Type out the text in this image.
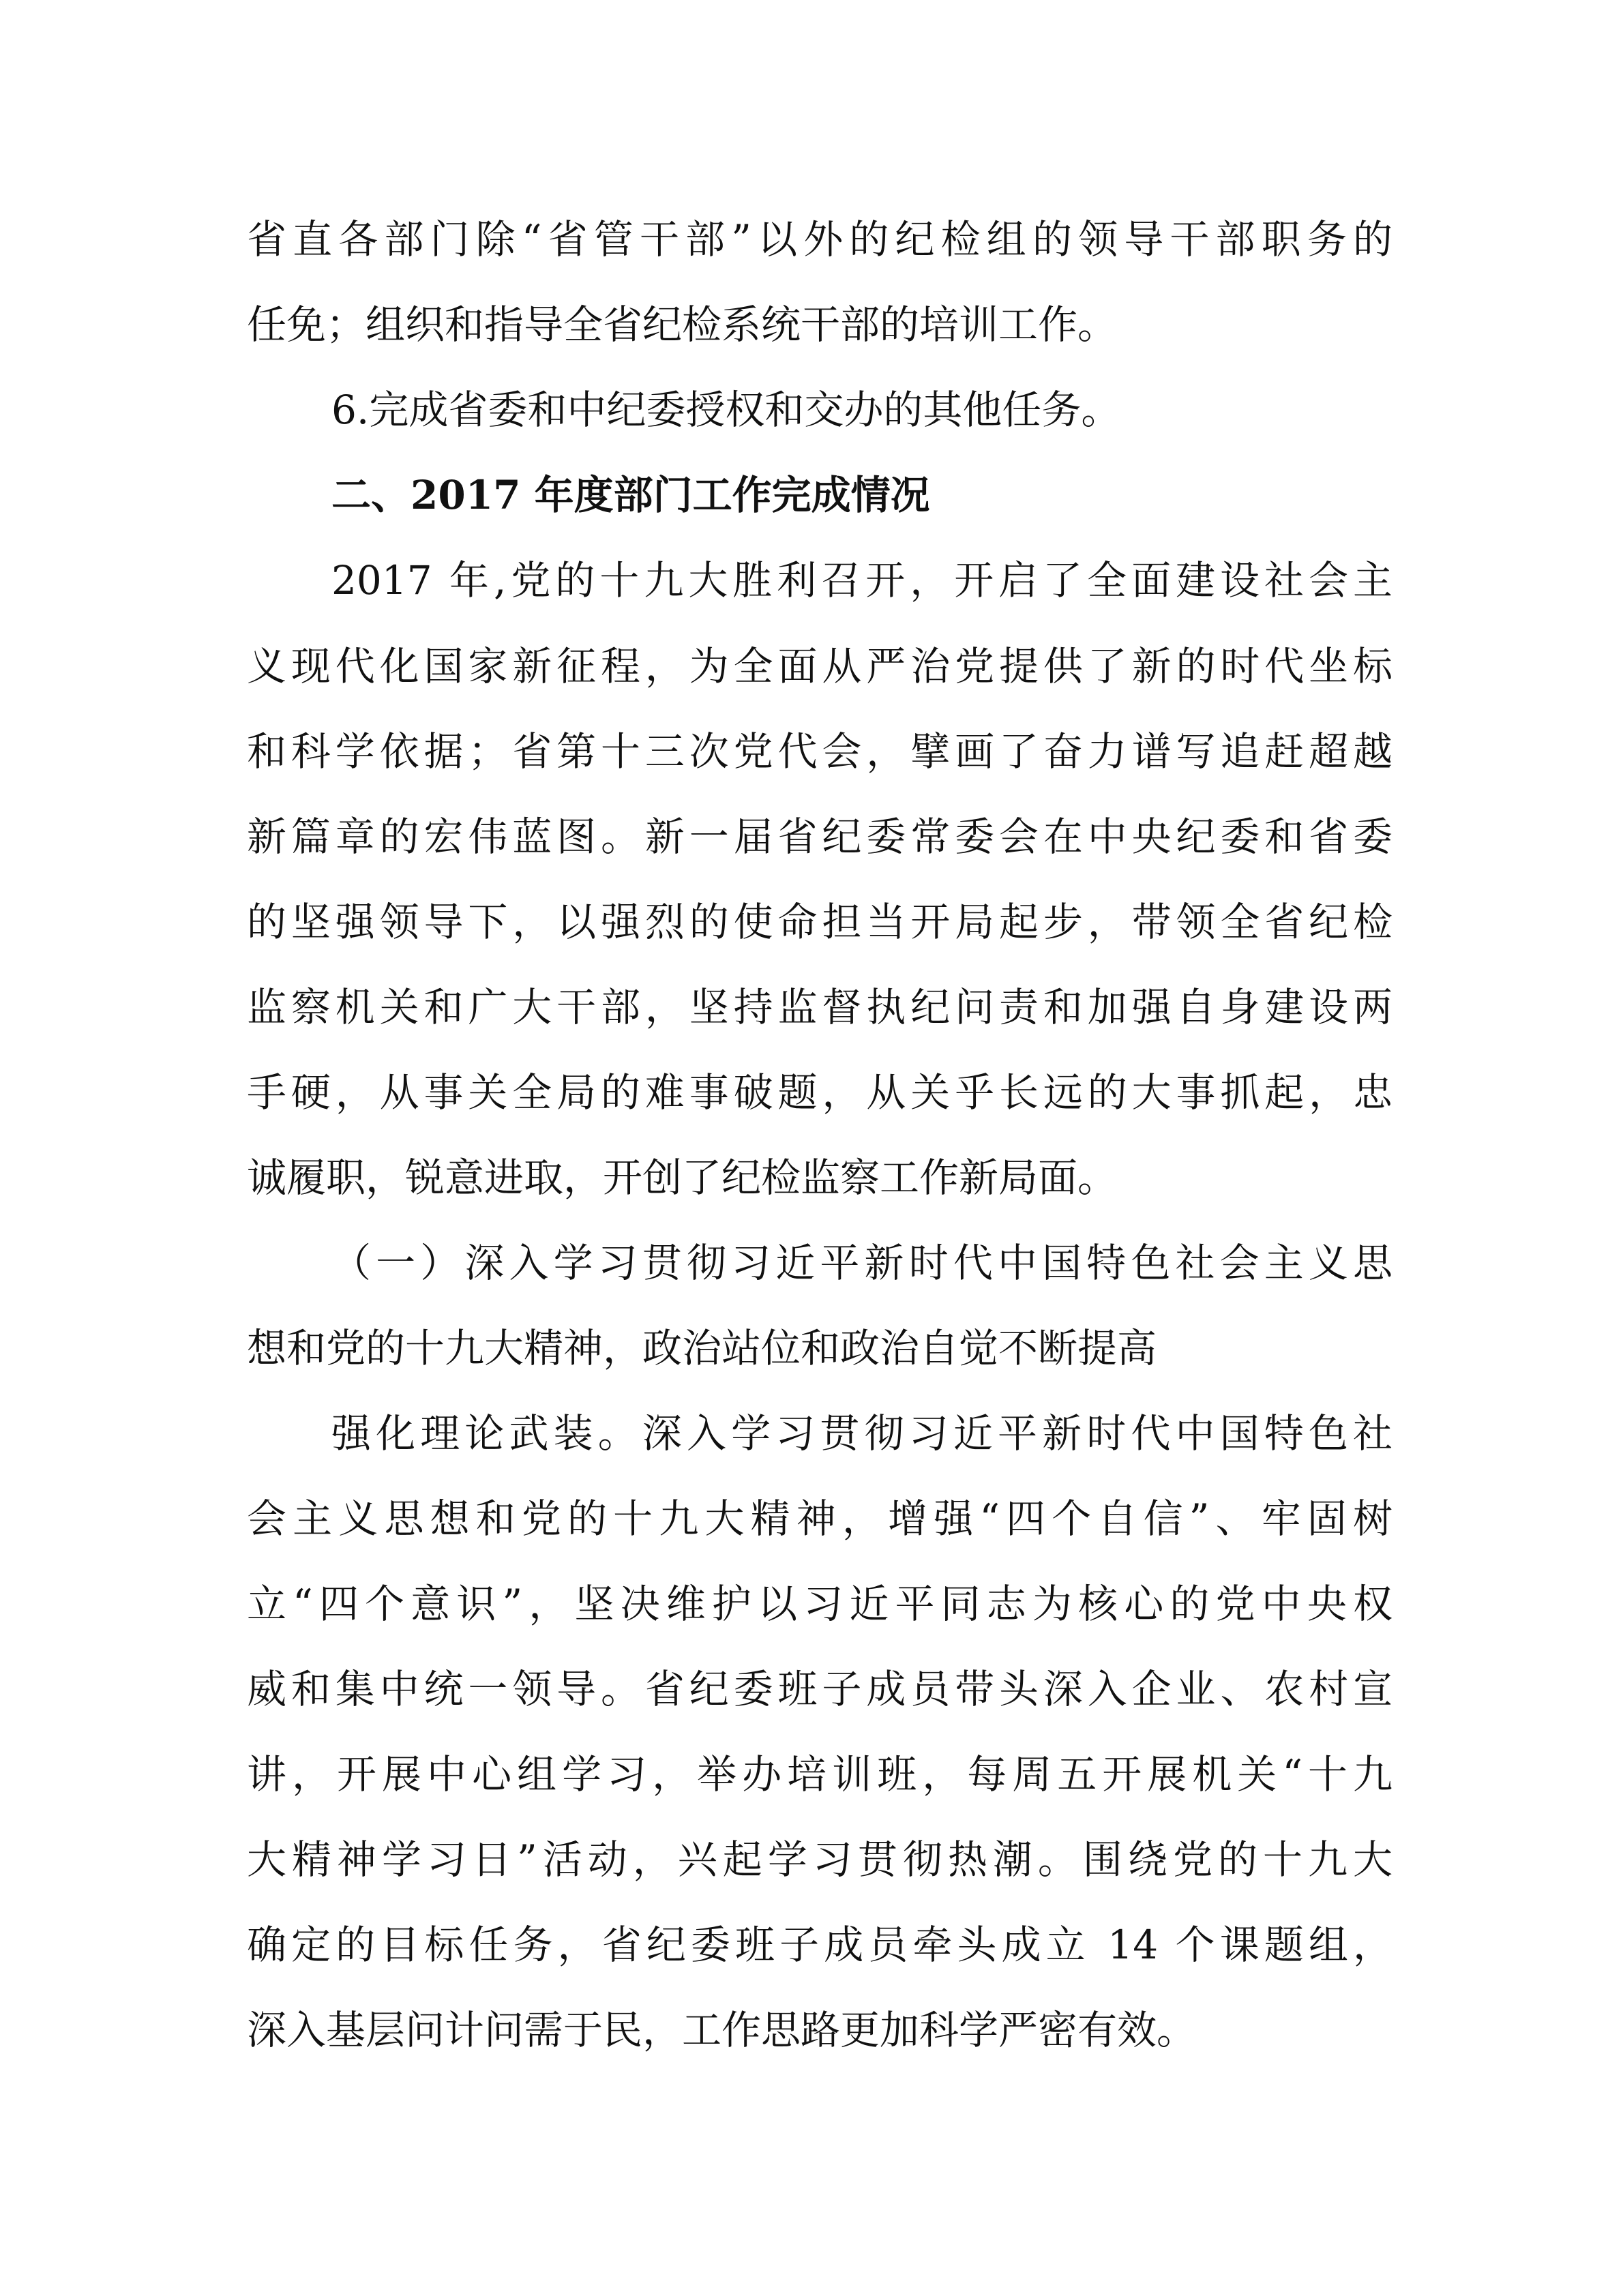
省直各部门除“省管干部”以外的纪检组的领导干部职务的
任免；组织和指导全省纪检系统干部的培训工作。
6.完成省委和中纪委授权和交办的其他任务。
二、2017 年度部门工作完成情况
2017 年,党的十九大胜利召开，开启了全面建设社会主
义现代化国家新征程，为全面从严治党提供了新的时代坐标
和科学依据；省第十三次党代会，擘画了奋力谱写追赶超越
新篇章的宏伟蓝图。新一届省纪委常委会在中央纪委和省委
的坚强领导下，以强烈的使命担当开局起步，带领全省纪检
监察机关和广大干部，坚持监督执纪问责和加强自身建设两
手硬，从事关全局的难事破题，从关乎长远的大事抓起，忠
诚履职，锐意进取，开创了纪检监察工作新局面。
（一）深入学习贯彻习近平新时代中国特色社会主义思
想和党的十九大精神，政治站位和政治自觉不断提高
强化理论武装。深入学习贯彻习近平新时代中国特色社
会主义思想和党的十九大精神，增强“四个自信”、牢固树
立“四个意识”，坚决维护以习近平同志为核心的党中央权
威和集中统一领导。省纪委班子成员带头深入企业、农村宣
讲，开展中心组学习，举办培训班，每周五开展机关“十九
大精神学习日”活动，兴起学习贯彻热潮。围绕党的十九大
确定的目标任务，省纪委班子成员牵头成立 14 个课题组，
深入基层问计问需于民，工作思路更加科学严密有效。
